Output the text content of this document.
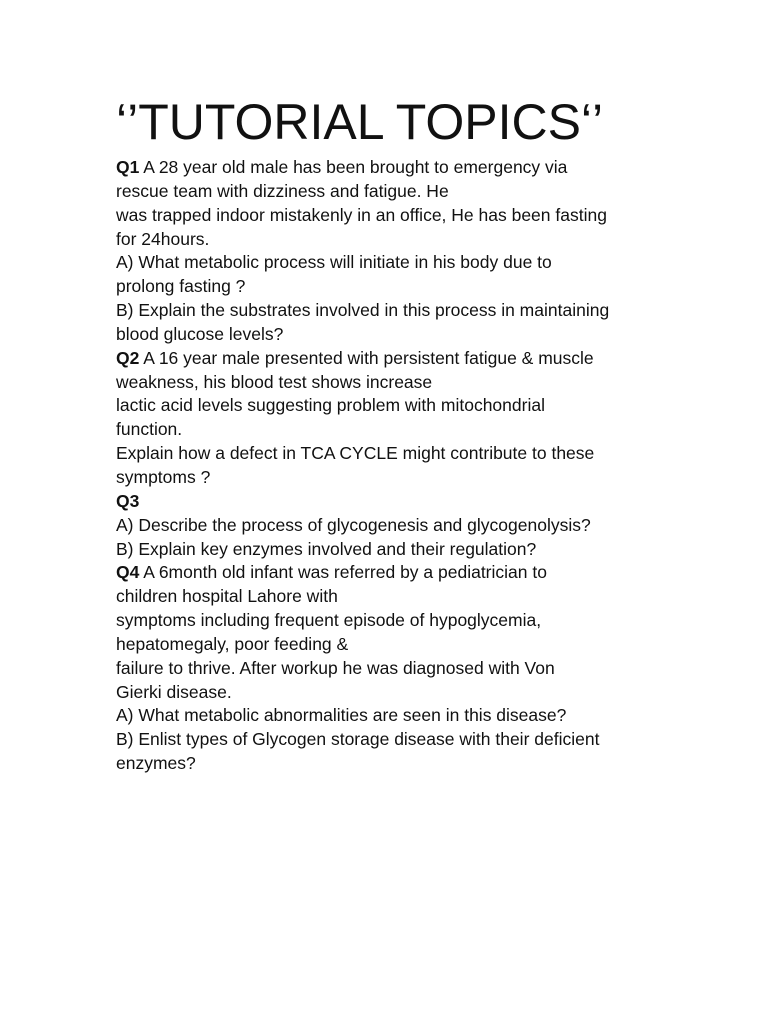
‘’TUTORIAL TOPICS‘’
Q1 A 28 year old male has been brought to emergency via
rescue team with dizziness and fatigue. He
was trapped indoor mistakenly in an office, He has been fasting
for 24hours.
A) What metabolic process will initiate in his body due to
prolong fasting ?
B) Explain the substrates involved in this process in maintaining
blood glucose levels?
Q2 A 16 year male presented with persistent fatigue & muscle
weakness, his blood test shows increase
lactic acid levels suggesting problem with mitochondrial
function.
Explain how a defect in TCA CYCLE might contribute to these
symptoms ?
Q3
A) Describe the process of glycogenesis and glycogenolysis?
B) Explain key enzymes involved and their regulation?
Q4 A 6month old infant was referred by a pediatrician to
children hospital Lahore with
symptoms including frequent episode of hypoglycemia,
hepatomegaly, poor feeding &
failure to thrive. After workup he was diagnosed with Von
Gierki disease.
A) What metabolic abnormalities are seen in this disease?
B) Enlist types of Glycogen storage disease with their deficient
enzymes?
